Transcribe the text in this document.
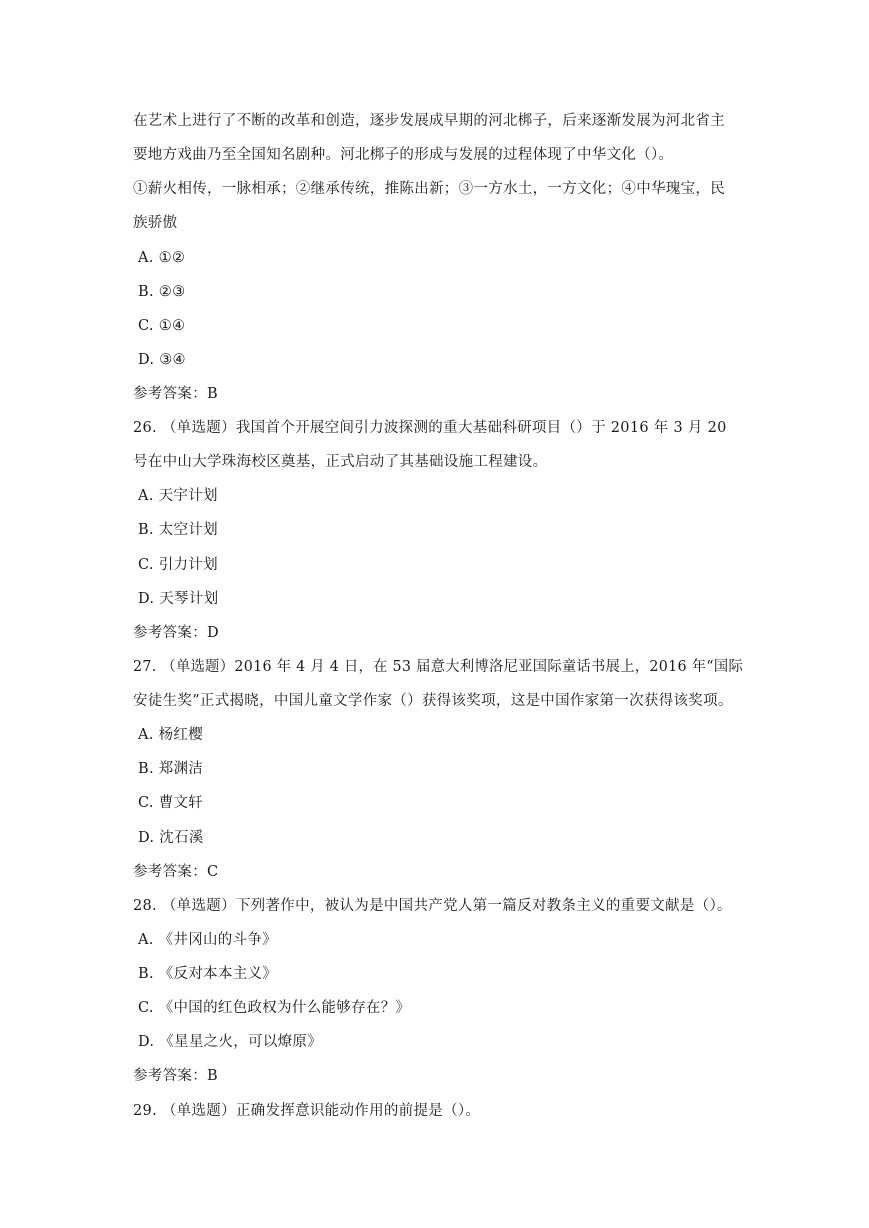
在艺术上进行了不断的改革和创造，逐步发展成早期的河北梆子，后来逐渐发展为河北省主
要地方戏曲乃至全国知名剧种。河北梆子的形成与发展的过程体现了中华文化（）。
①薪火相传，一脉相承；②继承传统，推陈出新；③一方水土，一方文化；④中华瑰宝，民
族骄傲
A. ①②
B. ②③
C. ①④
D. ③④
参考答案：B
26. （单选题）我国首个开展空间引力波探测的重大基础科研项目（）于 2016 年 3 月 20
号在中山大学珠海校区奠基，正式启动了其基础设施工程建设。
A. 天宇计划
B. 太空计划
C. 引力计划
D. 天琴计划
参考答案：D
27. （单选题）2016 年 4 月 4 日，在 53 届意大利博洛尼亚国际童话书展上，2016 年“国际
安徒生奖”正式揭晓，中国儿童文学作家（）获得该奖项，这是中国作家第一次获得该奖项。
A. 杨红樱
B. 郑渊洁
C. 曹文轩
D. 沈石溪
参考答案：C
28. （单选题）下列著作中，被认为是中国共产党人第一篇反对教条主义的重要文献是（）。
A. 《井冈山的斗争》
B. 《反对本本主义》
C. 《中国的红色政权为什么能够存在？》
D. 《星星之火，可以燎原》
参考答案：B
29. （单选题）正确发挥意识能动作用的前提是（）。
